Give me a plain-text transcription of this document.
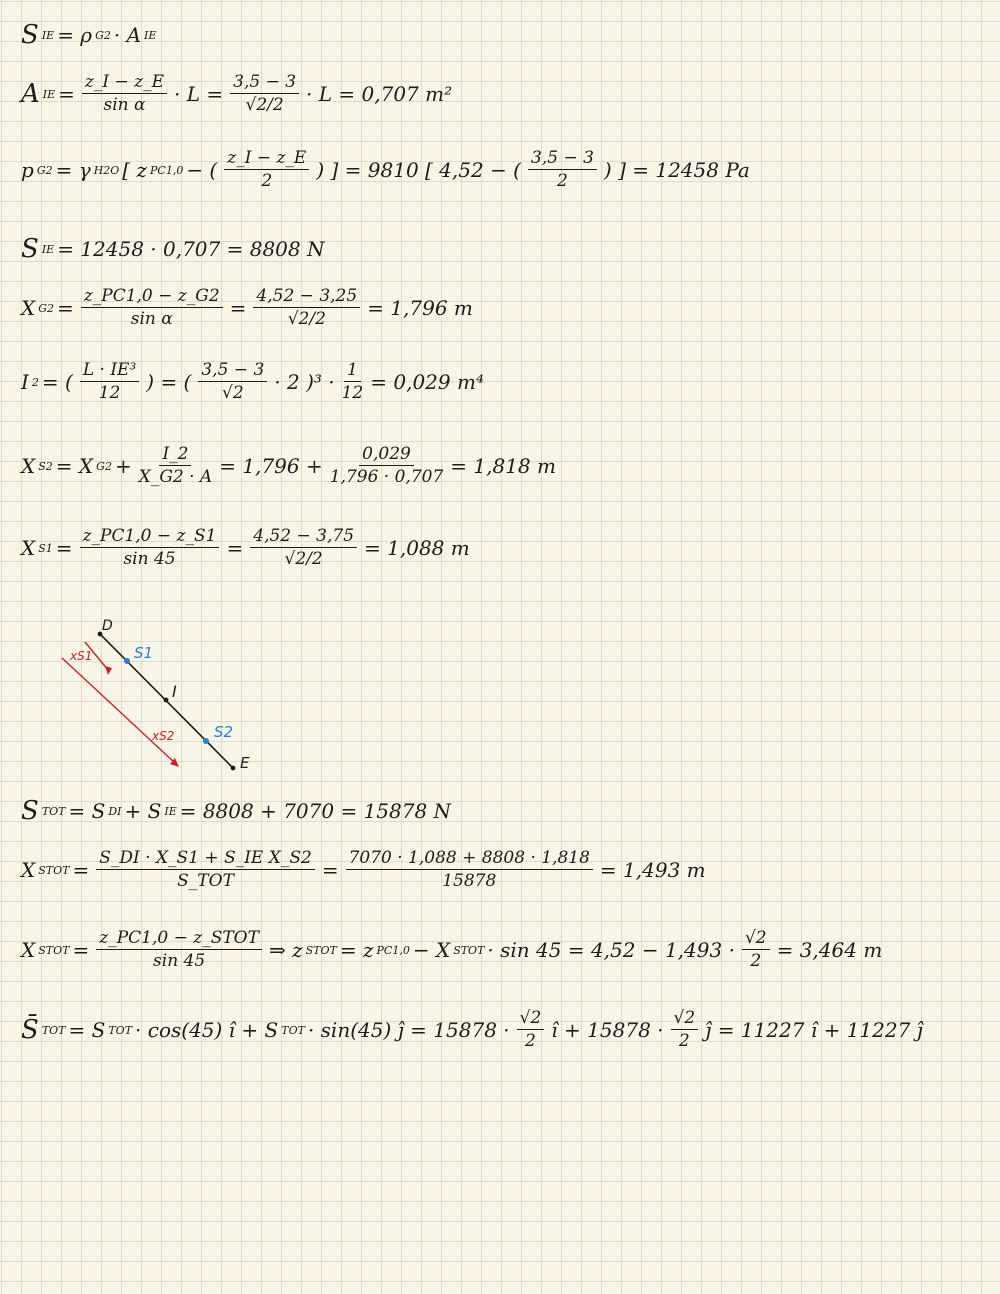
S IE = ρ G2 · A IE
A IE = $\frac{z\_I - z\_E}{\text{sin α}} \cdot L = \frac{3,5 - 3}{√2/2} \cdot L = 0,707$ m²
p G2 = γ H2O [ z PC1,0 − ( $\frac{z\_I - z\_E}{2}$ ) ] = 9810 [ 4,52 − ( $\frac{3,5 - 3}{2}$ ) ] = 12458 Pa
S IE = 12458 · 0,707 = 8808 N
X $G2 = \frac{z\_PC1,0 - z\_G2}{\text{sin α}} = \frac{4,52 - 3,25}{√2/2} = 1,796$ m
I 2 = ( $\frac{\text{L · IE³}}{12}$ ) = ( $\frac{3,5 - 3}{√2} \cdot 2$ )$^3 \cdot \frac{1}{12} = 0,029$ m⁴
X S2 = X $G2 + \frac{I\_2}{X\_G2 \cdot A} = 1,796 + \frac{0,029}{1,796 \cdot 0,707} = 1,818$ m
X $S1 = \frac{z\_PC1,0 - z\_S1}{\sin 45} = \frac{4,52 - 3,75}{√2/2} = 1,088$ m
D
S1
I
S2
E
xS1
xS2
S TOT = S DI + S IE = 8808 + 7070 = 15878 N
X STOT = $\frac{\text{S\_DI · X\_S1 + S\_IE X\_S2}}{\text{S\_TOT}} = \frac{7070 \cdot 1,088 + 8808 \cdot 1,818}{15878} = 1,493$ m
X STOT = $\frac{\text{z\_PC1,0 − z\_STOT}}{\sin 45}$ ⇒ z STOT = z PC1,0 − X STOT · $\sin 45 = 4,52 - 1,493 \cdot \frac{√2}{2} = 3,464$ m
S̄ TOT = S TOT · cos(45) î + S TOT · sin(45) ĵ = $15878 \cdot \frac{√2}{2}$ î + $15878 \cdot \frac{√2}{2}$ ĵ = 11227 î + 11227 ĵ
